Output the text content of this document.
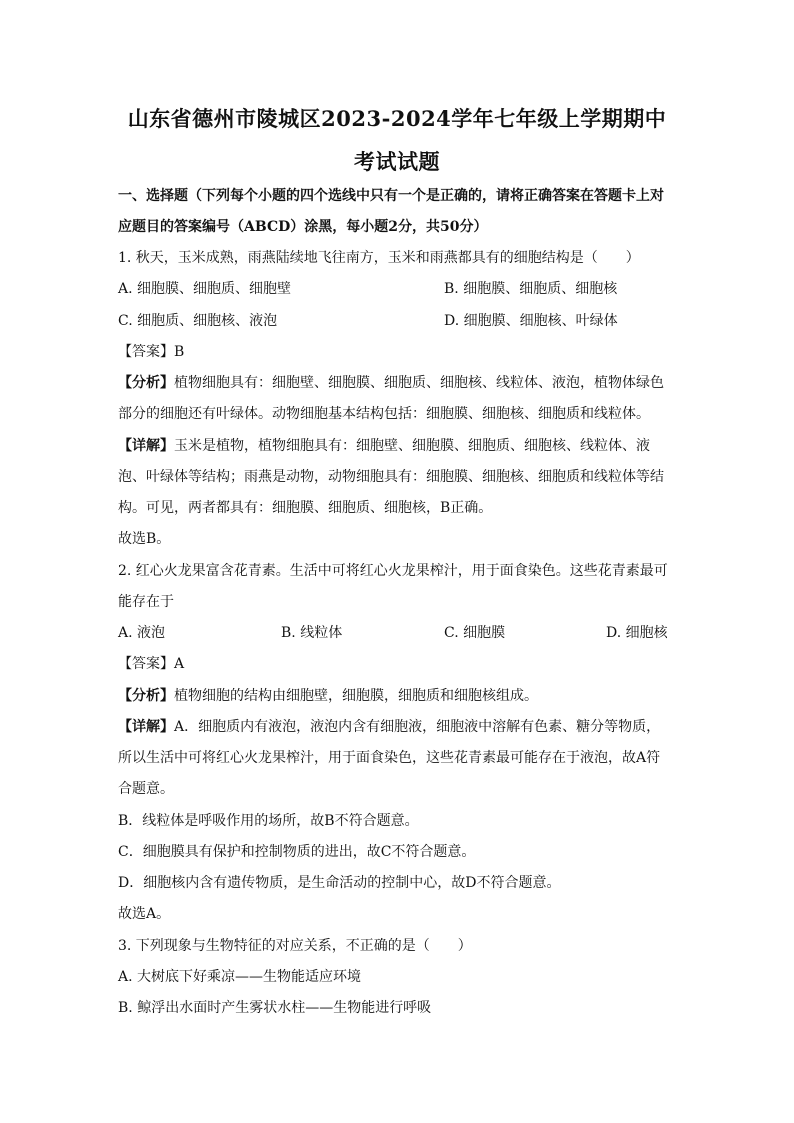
山东省德州市陵城区2023-2024学年七年级上学期期中
考试试题
一、选择题（下列每个小题的四个选线中只有一个是正确的，请将正确答案在答题卡上对
应题目的答案编号（ABCD）涂黑，每小题2分，共50分）
1. 秋天，玉米成熟，雨燕陆续地飞往南方，玉米和雨燕都具有的细胞结构是（　　）
A. 细胞膜、细胞质、细胞壁	B. 细胞膜、细胞质、细胞核
C. 细胞质、细胞核、液泡	D. 细胞膜、细胞核、叶绿体
【答案】B
【分析】植物细胞具有：细胞壁、细胞膜、细胞质、细胞核、线粒体、液泡，植物体绿色
部分的细胞还有叶绿体。动物细胞基本结构包括：细胞膜、细胞核、细胞质和线粒体。
【详解】玉米是植物，植物细胞具有：细胞壁、细胞膜、细胞质、细胞核、线粒体、液
泡、叶绿体等结构；雨燕是动物，动物细胞具有：细胞膜、细胞核、细胞质和线粒体等结
构。可见，两者都具有：细胞膜、细胞质、细胞核，B正确。
故选B。
2. 红心火龙果富含花青素。生活中可将红心火龙果榨汁，用于面食染色。这些花青素最可
能存在于
A. 液泡	B. 线粒体	C. 细胞膜	D. 细胞核
【答案】A
【分析】植物细胞的结构由细胞壁，细胞膜，细胞质和细胞核组成。
【详解】A．细胞质内有液泡，液泡内含有细胞液，细胞液中溶解有色素、糖分等物质，
所以生活中可将红心火龙果榨汁，用于面食染色，这些花青素最可能存在于液泡，故A符
合题意。
B．线粒体是呼吸作用的场所，故B不符合题意。
C．细胞膜具有保护和控制物质的进出，故C不符合题意。
D．细胞核内含有遗传物质，是生命活动的控制中心，故D不符合题意。
故选A。
3. 下列现象与生物特征的对应关系，不正确的是（　　）
A. 大树底下好乘凉——生物能适应环境
B. 鲸浮出水面时产生雾状水柱——生物能进行呼吸
